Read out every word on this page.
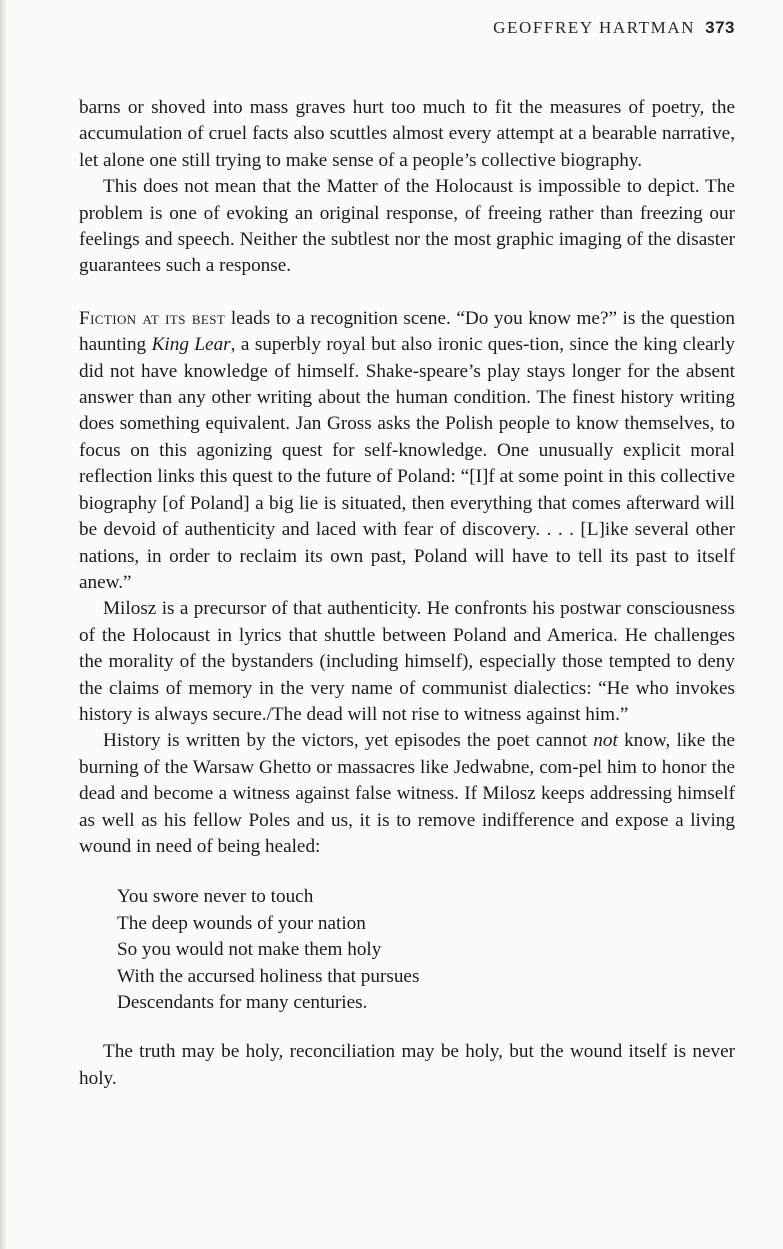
GEOFFREY HARTMAN 373

barns or shoved into mass graves hurt too much to fit the measures of poetry, the accumulation of cruel facts also scuttles almost every attempt at a bearable narrative, let alone one still trying to make sense of a people’s collective biography.

This does not mean that the Matter of the Holocaust is impossible to depict. The problem is one of evoking an original response, of freeing rather than freezing our feelings and speech. Neither the subtlest nor the most graphic imaging of the disaster guarantees such a response.

Fiction at its best leads to a recognition scene. “Do you know me?” is the question haunting King Lear, a superbly royal but also ironic ques-tion, since the king clearly did not have knowledge of himself. Shake-speare’s play stays longer for the absent answer than any other writing about the human condition. The finest history writing does something equivalent. Jan Gross asks the Polish people to know themselves, to focus on this agonizing quest for self-knowledge. One unusually explicit moral reflection links this quest to the future of Poland: “[I]f at some point in this collective biography [of Poland] a big lie is situated, then everything that comes afterward will be devoid of authenticity and laced with fear of discovery. . . . [L]ike several other nations, in order to reclaim its own past, Poland will have to tell its past to itself anew.”

Milosz is a precursor of that authenticity. He confronts his postwar consciousness of the Holocaust in lyrics that shuttle between Poland and America. He challenges the morality of the bystanders (including himself), especially those tempted to deny the claims of memory in the very name of communist dialectics: “He who invokes history is always secure./The dead will not rise to witness against him.”

History is written by the victors, yet episodes the poet cannot not know, like the burning of the Warsaw Ghetto or massacres like Jedwabne, com-pel him to honor the dead and become a witness against false witness. If Milosz keeps addressing himself as well as his fellow Poles and us, it is to remove indifference and expose a living wound in need of being healed:

You swore never to touch
The deep wounds of your nation
So you would not make them holy
With the accursed holiness that pursues
Descendants for many centuries.

The truth may be holy, reconciliation may be holy, but the wound itself is never holy.
